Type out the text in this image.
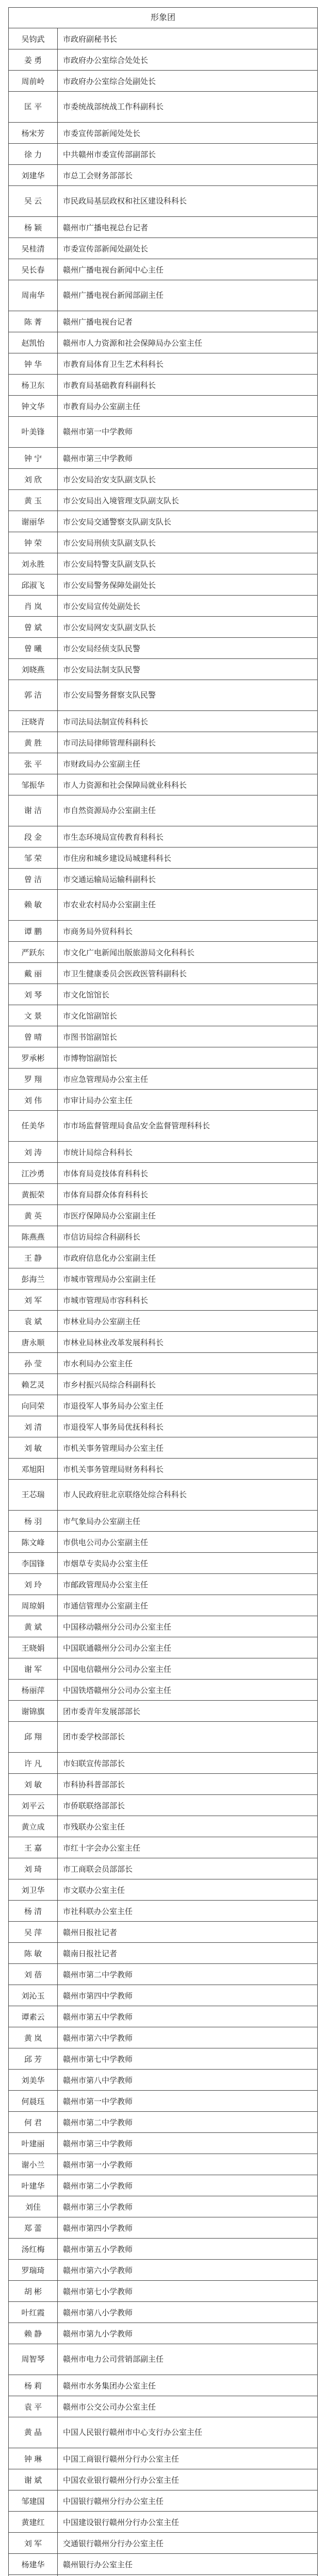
形象团
吴钧武	市政府副秘书长
姜 勇	市政府办公室综合处处长
周前岭	市政府办公室综合处副处长
匡 平	市委统战部统战工作科副科长
杨宋芳	市委宣传部新闻处处长
徐 力	中共赣州市委宣传部副部长
刘建华	市总工会财务部部长
吴 云	市民政局基层政权和社区建设科科长
杨 颖	赣州市广播电视总台记者
吴桂清	市委宣传部新闻处副处长
吴长春	赣州广播电视台新闻中心主任
周南华	赣州广播电视台新闻部副主任
陈 菁	赣州广播电视台记者
赵凯怡	赣州市人力资源和社会保障局办公室主任
钟 华	市教育局体育卫生艺术科科长
杨卫东	市教育局基础教育科副科长
钟文华	市教育局办公室副主任
叶美锋	赣州市第一中学教师
钟 宁	赣州市第三中学教师
刘 欣	市公安局治安支队副支队长
黄 玉	市公安局出入境管理支队副支队长
谢丽华	市公安局交通警察支队副支队长
钟 荣	市公安局刑侦支队副支队长
刘永胜	市公安局特警支队副支队长
邱淑飞	市公安局警务保障处副处长
肖 岚	市公安局宣传处副处长
曾 斌	市公安局网安支队副支队长
曾 曦	市公安局经侦支队民警
刘晓燕	市公安局法制支队民警
郭 洁	市公安局警务督察支队民警
汪晓青	市司法局法制宣传科科长
黄 胜	市司法局律师管理科副科长
张 平	市财政局办公室副主任
邹振华	市人力资源和社会保障局就业科科长
谢 洁	市自然资源局办公室副主任
段 金	市生态环境局宣传教育科科长
邹 荣	市住房和城乡建设局城建科科长
曾 洁	市交通运输局运输科副科长
赖 敏	市农业农村局办公室副主任
谭 鹏	市商务局外贸科科长
严跃东	市文化广电新闻出版旅游局文化科科长
戴 丽	市卫生健康委员会医政医管科副科长
刘 琴	市文化馆馆长
文 景	市文化馆副馆长
曾 晴	市图书馆副馆长
罗承彬	市博物馆副馆长
罗 翔	市应急管理局办公室主任
刘 伟	市审计局办公室主任
任美华	市市场监督管理局食品安全监督管理科科长
刘 涛	市统计局综合科科长
江沙勇	市体育局竞技体育科科长
黄振荣	市体育局群众体育科科长
黄 英	市医疗保障局办公室副主任
陈燕燕	市信访局综合科副科长
王 静	市政府信息化办公室副主任
彭海兰	市城市管理局办公室副主任
刘 军	市城市管理局市容科科长
袁 斌	市林业局办公室副主任
唐永顺	市林业局林业改革发展科科长
孙 莹	市水利局办公室主任
赖艺灵	市乡村振兴局综合科副科长
向同荣	市退役军人事务局办公室主任
刘 清	市退役军人事务局优抚科科长
刘 敏	市机关事务管理局办公室主任
邓旭阳	市机关事务管理局财务科科长
王芯瑞	市人民政府驻北京联络处综合科科长
杨 羽	市气象局办公室副主任
陈文峰	市供电公司办公室副主任
李国锋	市烟草专卖局办公室主任
刘 玲	市邮政管理局办公室主任
周琼娟	市通信管理办公室副主任
黄 斌	中国移动赣州分公司办公室主任
王晓娟	中国联通赣州分公司办公室主任
谢 军	中国电信赣州分公司办公室主任
杨丽萍	中国铁塔赣州分公司办公室主任
谢锦旗	团市委青年发展部部长
邱 翔	团市委学校部部长
许 凡	市妇联宣传部部长
刘 敏	市科协科普部部长
刘平云	市侨联联络部部长
黄立成	市残联办公室主任
王 嘉	市红十字会办公室主任
刘 琦	市工商联会员部部长
刘卫华	市文联办公室主任
杨 清	市社科联办公室主任
吴 萍	赣州日报社记者
陈 敏	赣南日报社记者
刘 蓓	赣州市第二中学教师
刘沁玉	赣州市第四中学教师
谭素云	赣州市第五中学教师
黄 岚	赣州市第六中学教师
邱 芳	赣州市第七中学教师
刘美华	赣州市第八中学教师
何晨珏	赣州市第一中学教师
何 君	赣州市第二中学教师
叶建丽	赣州市第三中学教师
谢小兰	赣州市第一小学教师
叶建华	赣州市第二小学教师
刘佳	赣州市第三小学教师
郑 蕾	赣州市第四小学教师
汤红梅	赣州市第五小学教师
罗瑞琦	赣州市第六小学教师
胡 彬	赣州市第七小学教师
叶红霞	赣州市第八小学教师
赖 静	赣州市第九小学教师
周智琴	赣州市电力公司营销部副主任
杨 莉	赣州市水务集团办公室主任
袁 平	赣州市公交公司办公室主任
黄 晶	中国人民银行赣州市中心支行办公室主任
钟 琳	中国工商银行赣州分行办公室主任
谢 斌	中国农业银行赣州分行办公室主任
邹建国	中国银行赣州分行办公室主任
黄建红	中国建设银行赣州分行办公室主任
刘 军	交通银行赣州分行办公室主任
杨建华	赣州银行办公室主任
